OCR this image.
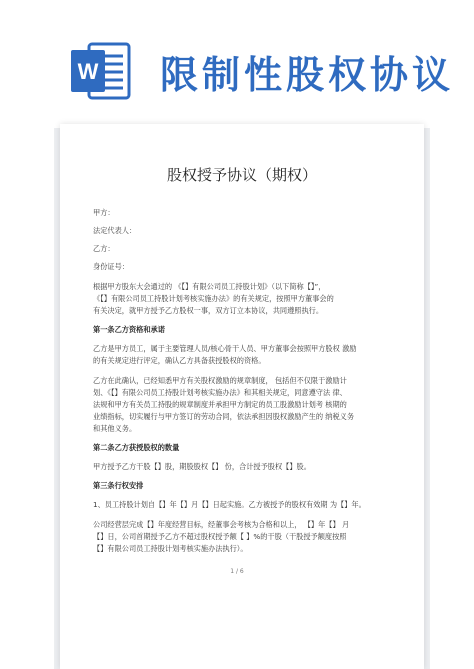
W 限制性股权协议
股权授予协议（期权）
甲方：
法定代表人：
乙方：
身份证号：
根据甲方股东大会通过的 《【】有限公司员工持股计划》（以下简称【】”，
《【】有限公司员工持股计划考核实施办法》的有关规定，按照甲方董事会的
有关决定，就甲方授予乙方股权一事，双方订立本协议，共同遵照执行。
第一条乙方资格和承诺
乙方是甲方员工，属于主要管理人员/核心骨干人员、甲方董事会按照甲方股权 激励
的有关规定进行评定，确认乙方具备获授股权的资格。
乙方在此确认，已经知悉甲方有关股权激励的规章制度， 包括但不仅限于激励计
划、《【】有限公司员工持股计划考核实施办法》和其相关规定，同意遵守法 律、
法规和甲方有关员工持股的规章制度并承担甲方制定的员工股激励计划考 核期的
业绩指标，切实履行与甲方签订的劳动合同，依法承担因股权激励产生的 纳税义务
和其他义务。
第二条乙方获授股权的数量
甲方授予乙方干股【】股，期股股权【】 份，合计授予股权【】股。
第三条行权安排
1、员工持股计划自【】年【】月【】日起实施。乙方被授予的股权有效期 为【】年。
公司经营层完成【】年度经营目标，经董事会考核为合格和以上， 【】年【】 月
【】日，公司首期授予乙方不超过股权授予额【 】%的干股（干股授予额度按照
【】有限公司员工持股计划考核实施办法执行）。
1 / 6
